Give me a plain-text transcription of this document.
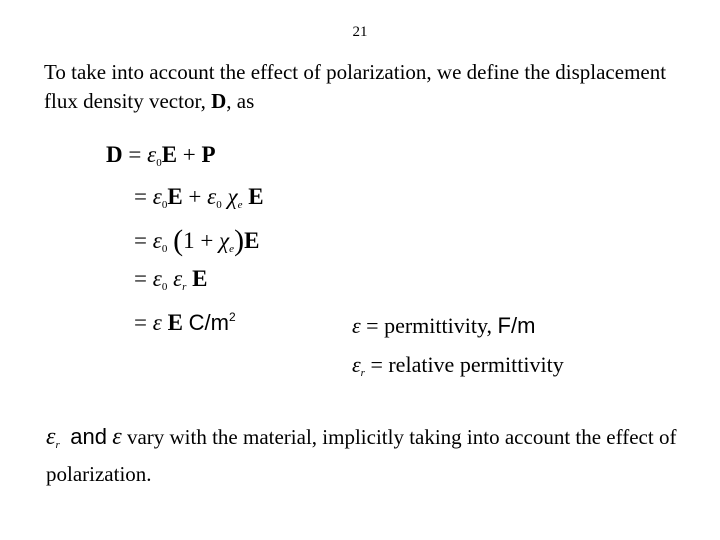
21
To take into account the effect of polarization, we define the displacement flux density vector, D, as
$D = \varepsilon_0E + P$
= $\varepsilon_0E + \varepsilon_0$ $\chi_e$ E
= $\varepsilon_0$ $(1 + \chi_e)E$
= $\varepsilon_0$ $\varepsilon_r$ E
= ε E $C/m^2$	ε = permittivity, F/m
$\varepsilon_r$ = relative permittivity
$\varepsilon_r$ and ε vary with the material, implicitly taking into account the effect of polarization.
